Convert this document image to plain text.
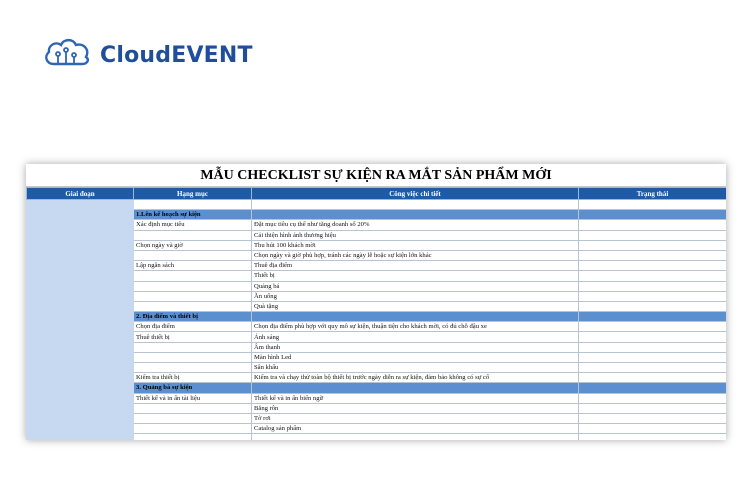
CloudEVENT
MẪU CHECKLIST SỰ KIỆN RA MẮT SẢN PHẨM MỚI
Giai đoạn	Hạng mục	Công việc chi tiết	Trạng thái

	1.Lên kế hoạch sự kiện		
	Xác định mục tiêu	Đặt mục tiêu cụ thể như tăng doanh số 20%	
		Cải thiện hình ảnh thương hiệu	
	Chọn ngày và giờ	Thu hút 100 khách mời	
		Chọn ngày và giờ phù hợp, tránh các ngày lễ hoặc sự kiện lớn khác	
	Lập ngân sách	Thuê địa điểm	
		Thiết bị	
		Quảng bá	
		Ăn uống	
		Quà tặng	
	2. Địa điểm và thiết bị		
	Chọn địa điểm	Chọn địa điểm phù hợp với quy mô sự kiện, thuận tiện cho khách mời, có đủ chỗ đậu xe	
	Thuê thiết bị	Ánh sáng	
		Âm thanh	
		Màn hình Led	
		Sân khấu	
	Kiểm tra thiết bị	Kiểm tra và chạy thử toàn bộ thiết bị trước ngày diễn ra sự kiện, đảm bảo không có sự cố	
	3. Quảng bá sự kiện		
	Thiết kế và in ấn tài liệu	Thiết kế và in ấn biển ngữ	
		Băng rôn	
		Tờ rơi	
		Catalog sản phẩm	
